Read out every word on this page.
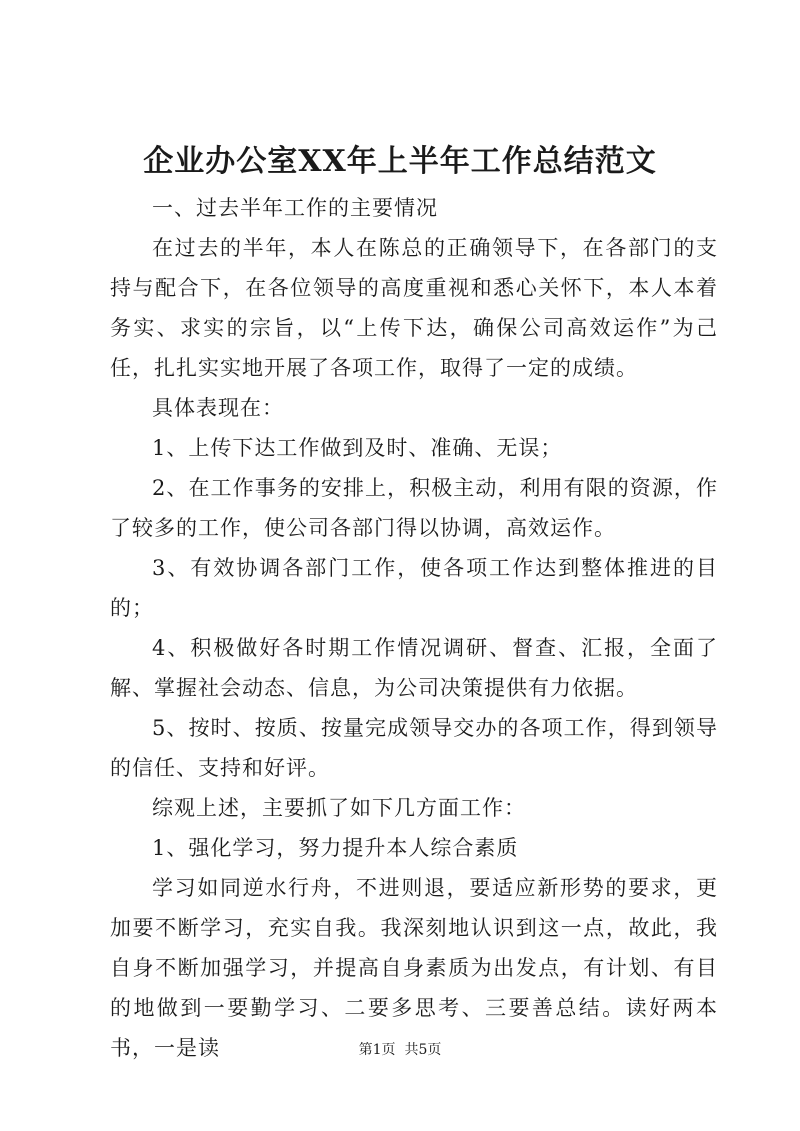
企业办公室XX年上半年工作总结范文

一、过去半年工作的主要情况

在过去的半年，本人在陈总的正确领导下，在各部门的支持与配合下，在各位领导的高度重视和悉心关怀下，本人本着务实、求实的宗旨，以“上传下达，确保公司高效运作”为己任，扎扎实实地开展了各项工作，取得了一定的成绩。

具体表现在：

1、上传下达工作做到及时、准确、无误；

2、在工作事务的安排上，积极主动，利用有限的资源，作了较多的工作，使公司各部门得以协调，高效运作。

3、有效协调各部门工作，使各项工作达到整体推进的目的；

4、积极做好各时期工作情况调研、督查、汇报，全面了解、掌握社会动态、信息，为公司决策提供有力依据。

5、按时、按质、按量完成领导交办的各项工作，得到领导的信任、支持和好评。

综观上述，主要抓了如下几方面工作：

1、强化学习，努力提升本人综合素质

学习如同逆水行舟，不进则退，要适应新形势的要求，更加要不断学习，充实自我。我深刻地认识到这一点，故此，我自身不断加强学习，并提高自身素质为出发点，有计划、有目的地做到一要勤学习、二要多思考、三要善总结。读好两本书，一是读	第1页 共5页
